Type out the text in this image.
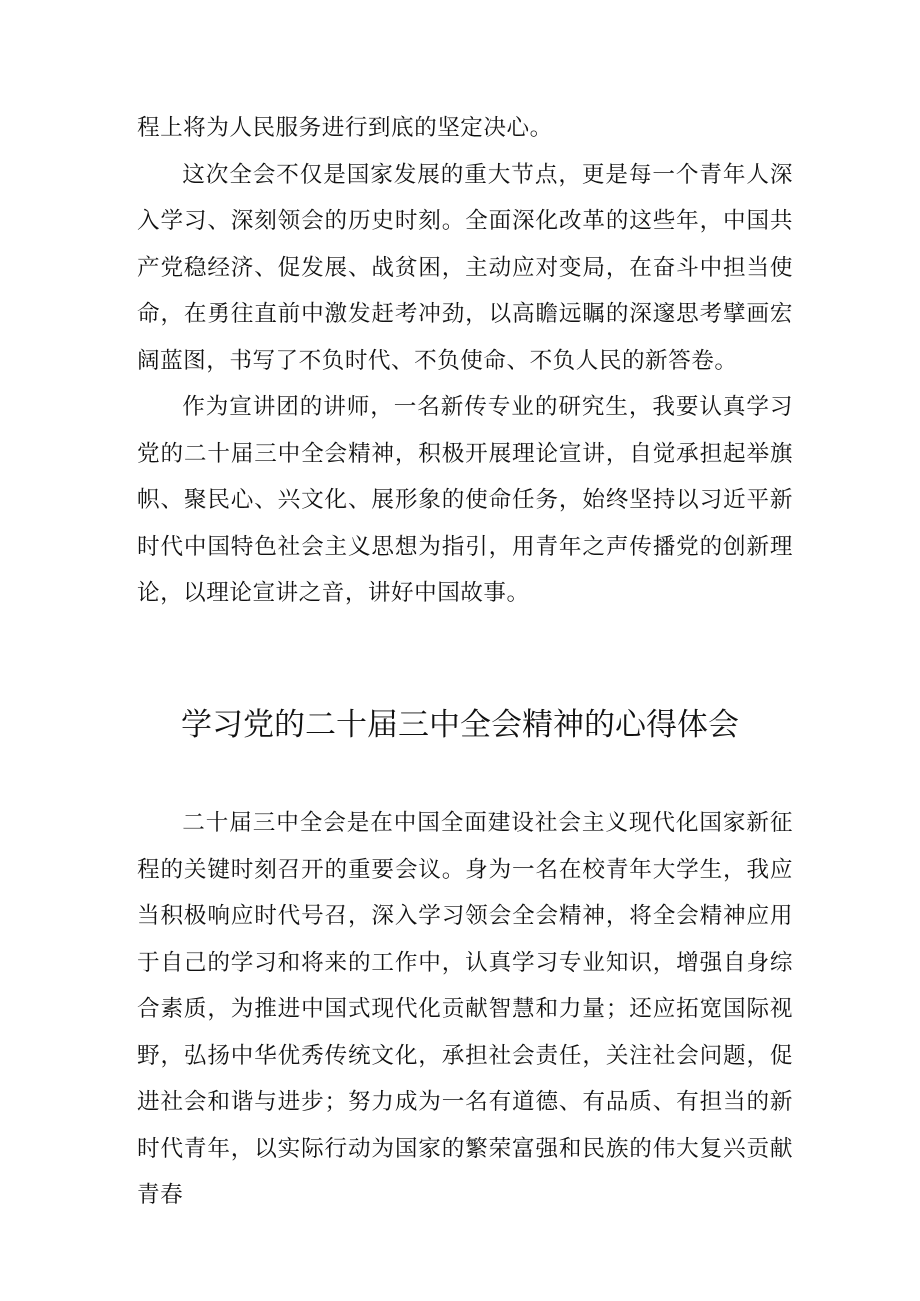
程上将为人民服务进行到底的坚定决心。

这次全会不仅是国家发展的重大节点，更是每一个青年人深入学习、深刻领会的历史时刻。全面深化改革的这些年，中国共产党稳经济、促发展、战贫困，主动应对变局，在奋斗中担当使命，在勇往直前中激发赶考冲劲，以高瞻远瞩的深邃思考擘画宏阔蓝图，书写了不负时代、不负使命、不负人民的新答卷。

作为宣讲团的讲师，一名新传专业的研究生，我要认真学习党的二十届三中全会精神，积极开展理论宣讲，自觉承担起举旗帜、聚民心、兴文化、展形象的使命任务，始终坚持以习近平新时代中国特色社会主义思想为指引，用青年之声传播党的创新理论，以理论宣讲之音，讲好中国故事。

学习党的二十届三中全会精神的心得体会

二十届三中全会是在中国全面建设社会主义现代化国家新征程的关键时刻召开的重要会议。身为一名在校青年大学生，我应当积极响应时代号召，深入学习领会全会精神，将全会精神应用于自己的学习和将来的工作中，认真学习专业知识，增强自身综合素质，为推进中国式现代化贡献智慧和力量；还应拓宽国际视野，弘扬中华优秀传统文化，承担社会责任，关注社会问题，促进社会和谐与进步；努力成为一名有道德、有品质、有担当的新时代青年，以实际行动为国家的繁荣富强和民族的伟大复兴贡献青春
